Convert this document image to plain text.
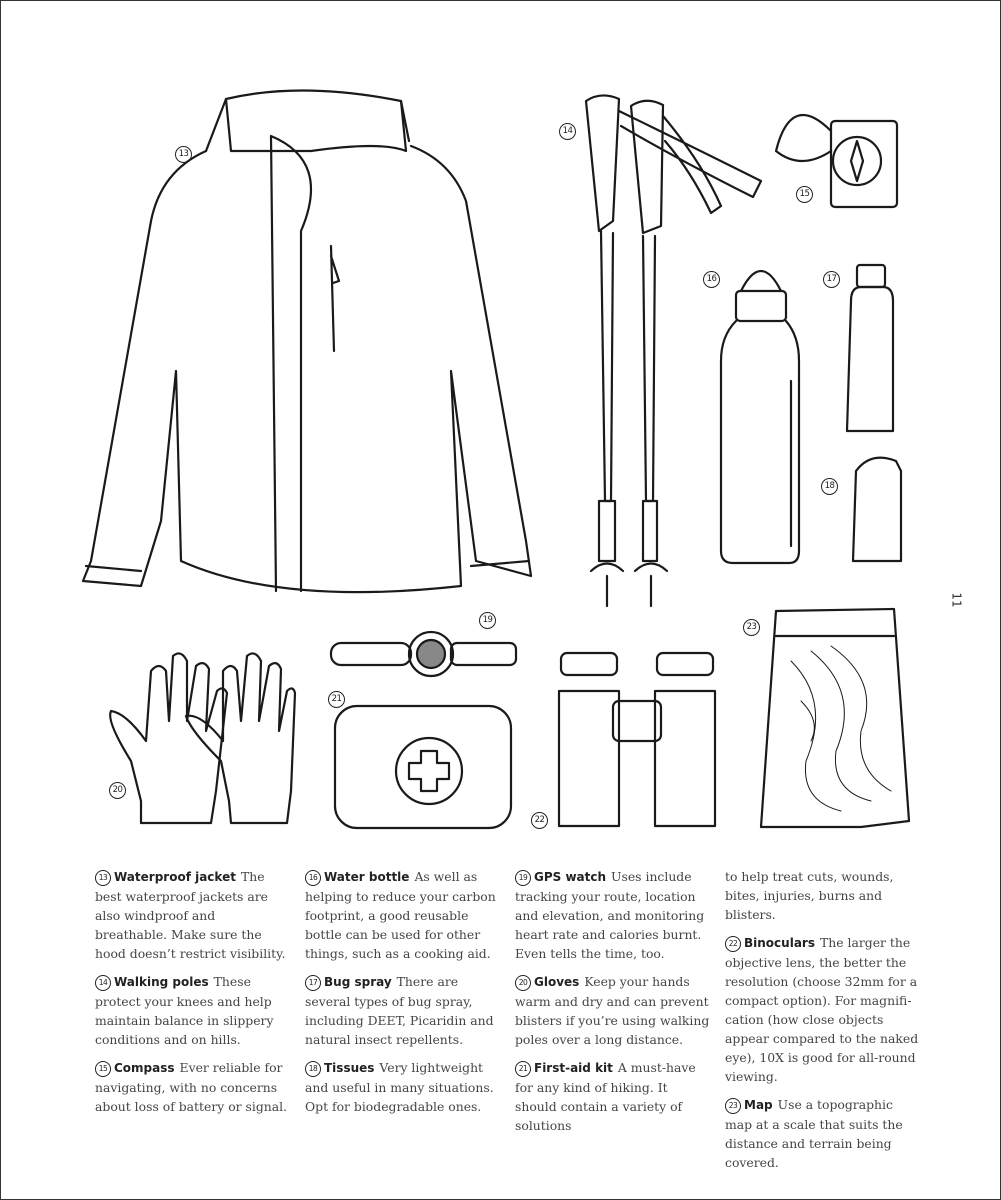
13
14
15
16	17
18
19
20
21
22
23
11

13 Waterproof jacket The best waterproof jackets are also windproof and breathable. Make sure the hood doesn’t restrict visibility.

14 Walking poles These protect your knees and help maintain balance in slippery conditions and on hills.

15 Compass Ever reliable for navigating, with no concerns about loss of battery or signal.

16 Water bottle As well as helping to reduce your carbon footprint, a good reusable bottle can be used for other things, such as a cooking aid.

17 Bug spray There are several types of bug spray, including DEET, Picaridin and natural insect repellents.

18 Tissues Very lightweight and useful in many situations. Opt for biodegradable ones.

19 GPS watch Uses include tracking your route, location and elevation, and monitoring heart rate and calories burnt. Even tells the time, too.

20 Gloves Keep your hands warm and dry and can prevent blisters if you’re using walking poles over a long distance.

21 First-aid kit A must-have for any kind of hiking. It should contain a variety of solutions

to help treat cuts, wounds, bites, injuries, burns and blisters.

22 Binoculars The larger the objective lens, the better the resolution (choose 32mm for a compact option). For magnifi-cation (how close objects appear compared to the naked eye), 10X is good for all-round viewing.

23 Map Use a topographic map at a scale that suits the distance and terrain being covered.
